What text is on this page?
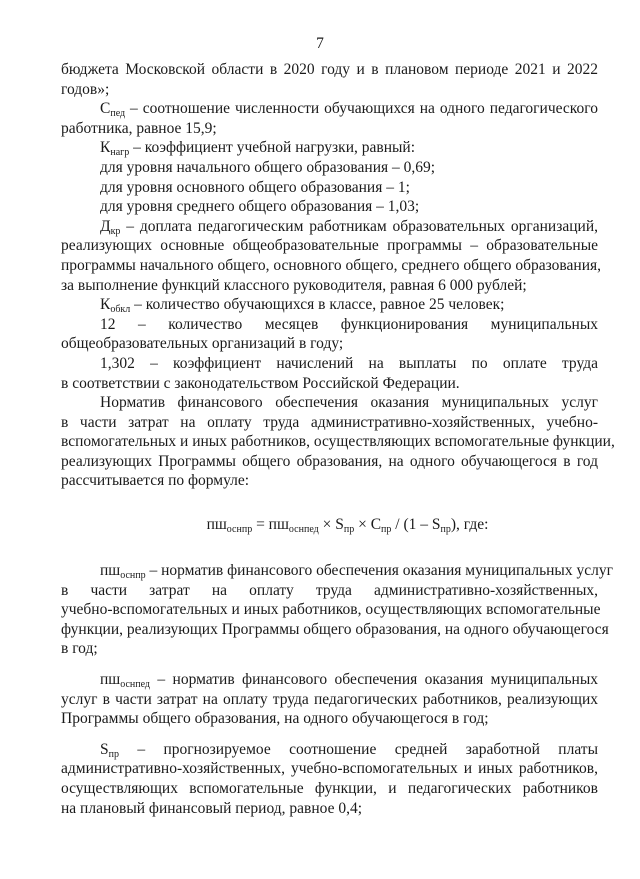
7
бюджета Московской области в 2020 году и в плановом периоде 2021 и 2022
годов»;
$С_{пед}$ – соотношение численности обучающихся на одного педагогического
работника, равное 15,9;
$К_{нагр}$ – коэффициент учебной нагрузки, равный:
для уровня начального общего образования – 0,69;
для уровня основного общего образования – 1;
для уровня среднего общего образования – 1,03;
$Д_{кр}$ – доплата педагогическим работникам образовательных организаций,
реализующих основные общеобразовательные программы – образовательные
программы начального общего, основного общего, среднего общего образования,
за выполнение функций классного руководителя, равная 6 000 рублей;
$К_{обкл}$ – количество обучающихся в классе, равное 25 человек;
12 – количество месяцев функционирования муниципальных
общеобразовательных организаций в году;
1,302 – коэффициент начислений на выплаты по оплате труда
в соответствии с законодательством Российской Федерации.
Норматив финансового обеспечения оказания муниципальных услуг
в части затрат на оплату труда административно-хозяйственных, учебно-
вспомогательных и иных работников, осуществляющих вспомогательные функции,
реализующих Программы общего образования, на одного обучающегося в год
рассчитывается по формуле:
$пш_{оснпр} = пш_{оснпед} \times S_{пр} \times С_{пр} / (1 - S_{пр})$, где:
$пш_{оснпр}$ – норматив финансового обеспечения оказания муниципальных услуг
в части затрат на оплату труда административно-хозяйственных,
учебно-вспомогательных и иных работников, осуществляющих вспомогательные
функции, реализующих Программы общего образования, на одного обучающегося
в год;
$пш_{оснпед}$ – норматив финансового обеспечения оказания муниципальных
услуг в части затрат на оплату труда педагогических работников, реализующих
Программы общего образования, на одного обучающегося в год;
$S_{пр}$ – прогнозируемое соотношение средней заработной платы
административно-хозяйственных, учебно-вспомогательных и иных работников,
осуществляющих вспомогательные функции, и педагогических работников
на плановый финансовый период, равное 0,4;
